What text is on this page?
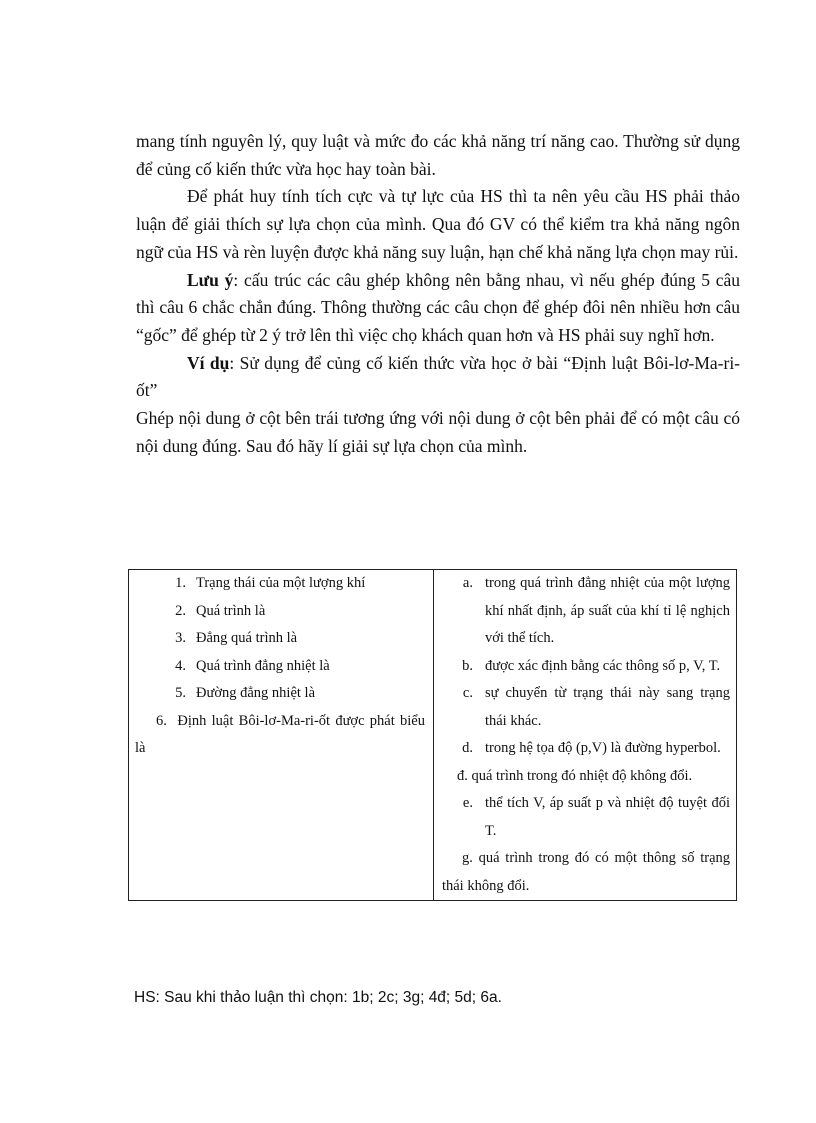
mang tính nguyên lý, quy luật và mức đo các khả năng trí năng cao. Thường sử dụng để củng cố kiến thức vừa học hay toàn bài.

Để phát huy tính tích cực và tự lực của HS thì ta nên yêu cầu HS phải thảo luận để giải thích sự lựa chọn của mình. Qua đó GV có thể kiểm tra khả năng ngôn ngữ của HS và rèn luyện được khả năng suy luận, hạn chế khả năng lựa chọn may rủi.

Lưu ý: cấu trúc các câu ghép không nên bằng nhau, vì nếu ghép đúng 5 câu thì câu 6 chắc chắn đúng. Thông thường các câu chọn để ghép đôi nên nhiều hơn câu “gốc” để ghép từ 2 ý trở lên thì việc chọ khách quan hơn và HS phải suy nghĩ hơn.

Ví dụ: Sử dụng để củng cố kiến thức vừa học ở bài “Định luật Bôi-lơ-Ma-ri-ốt”

Ghép nội dung ở cột bên trái tương ứng với nội dung ở cột bên phải để có một câu có nội dung đúng. Sau đó hãy lí giải sự lựa chọn của mình.

1. Trạng thái của một lượng khí
2. Quá trình là
3. Đẳng quá trình là
4. Quá trình đẳng nhiệt là
5. Đường đẳng nhiệt là
6. Định luật Bôi-lơ-Ma-ri-ốt được phát biểu là

a. trong quá trình đẳng nhiệt của một lượng khí nhất định, áp suất của khí tỉ lệ nghịch với thể tích.
b. được xác định bằng các thông số p, V, T.
c. sự chuyển từ trạng thái này sang trạng thái khác.
d. trong hệ tọa độ (p,V) là đường hyperbol.
đ. quá trình trong đó nhiệt độ không đổi.
e. thể tích V, áp suất p và nhiệt độ tuyệt đối T.
g. quá trình trong đó có một thông số trạng thái không đổi.
HS: Sau khi thảo luận thì chọn: 1b; 2c; 3g; 4đ; 5d; 6a.
